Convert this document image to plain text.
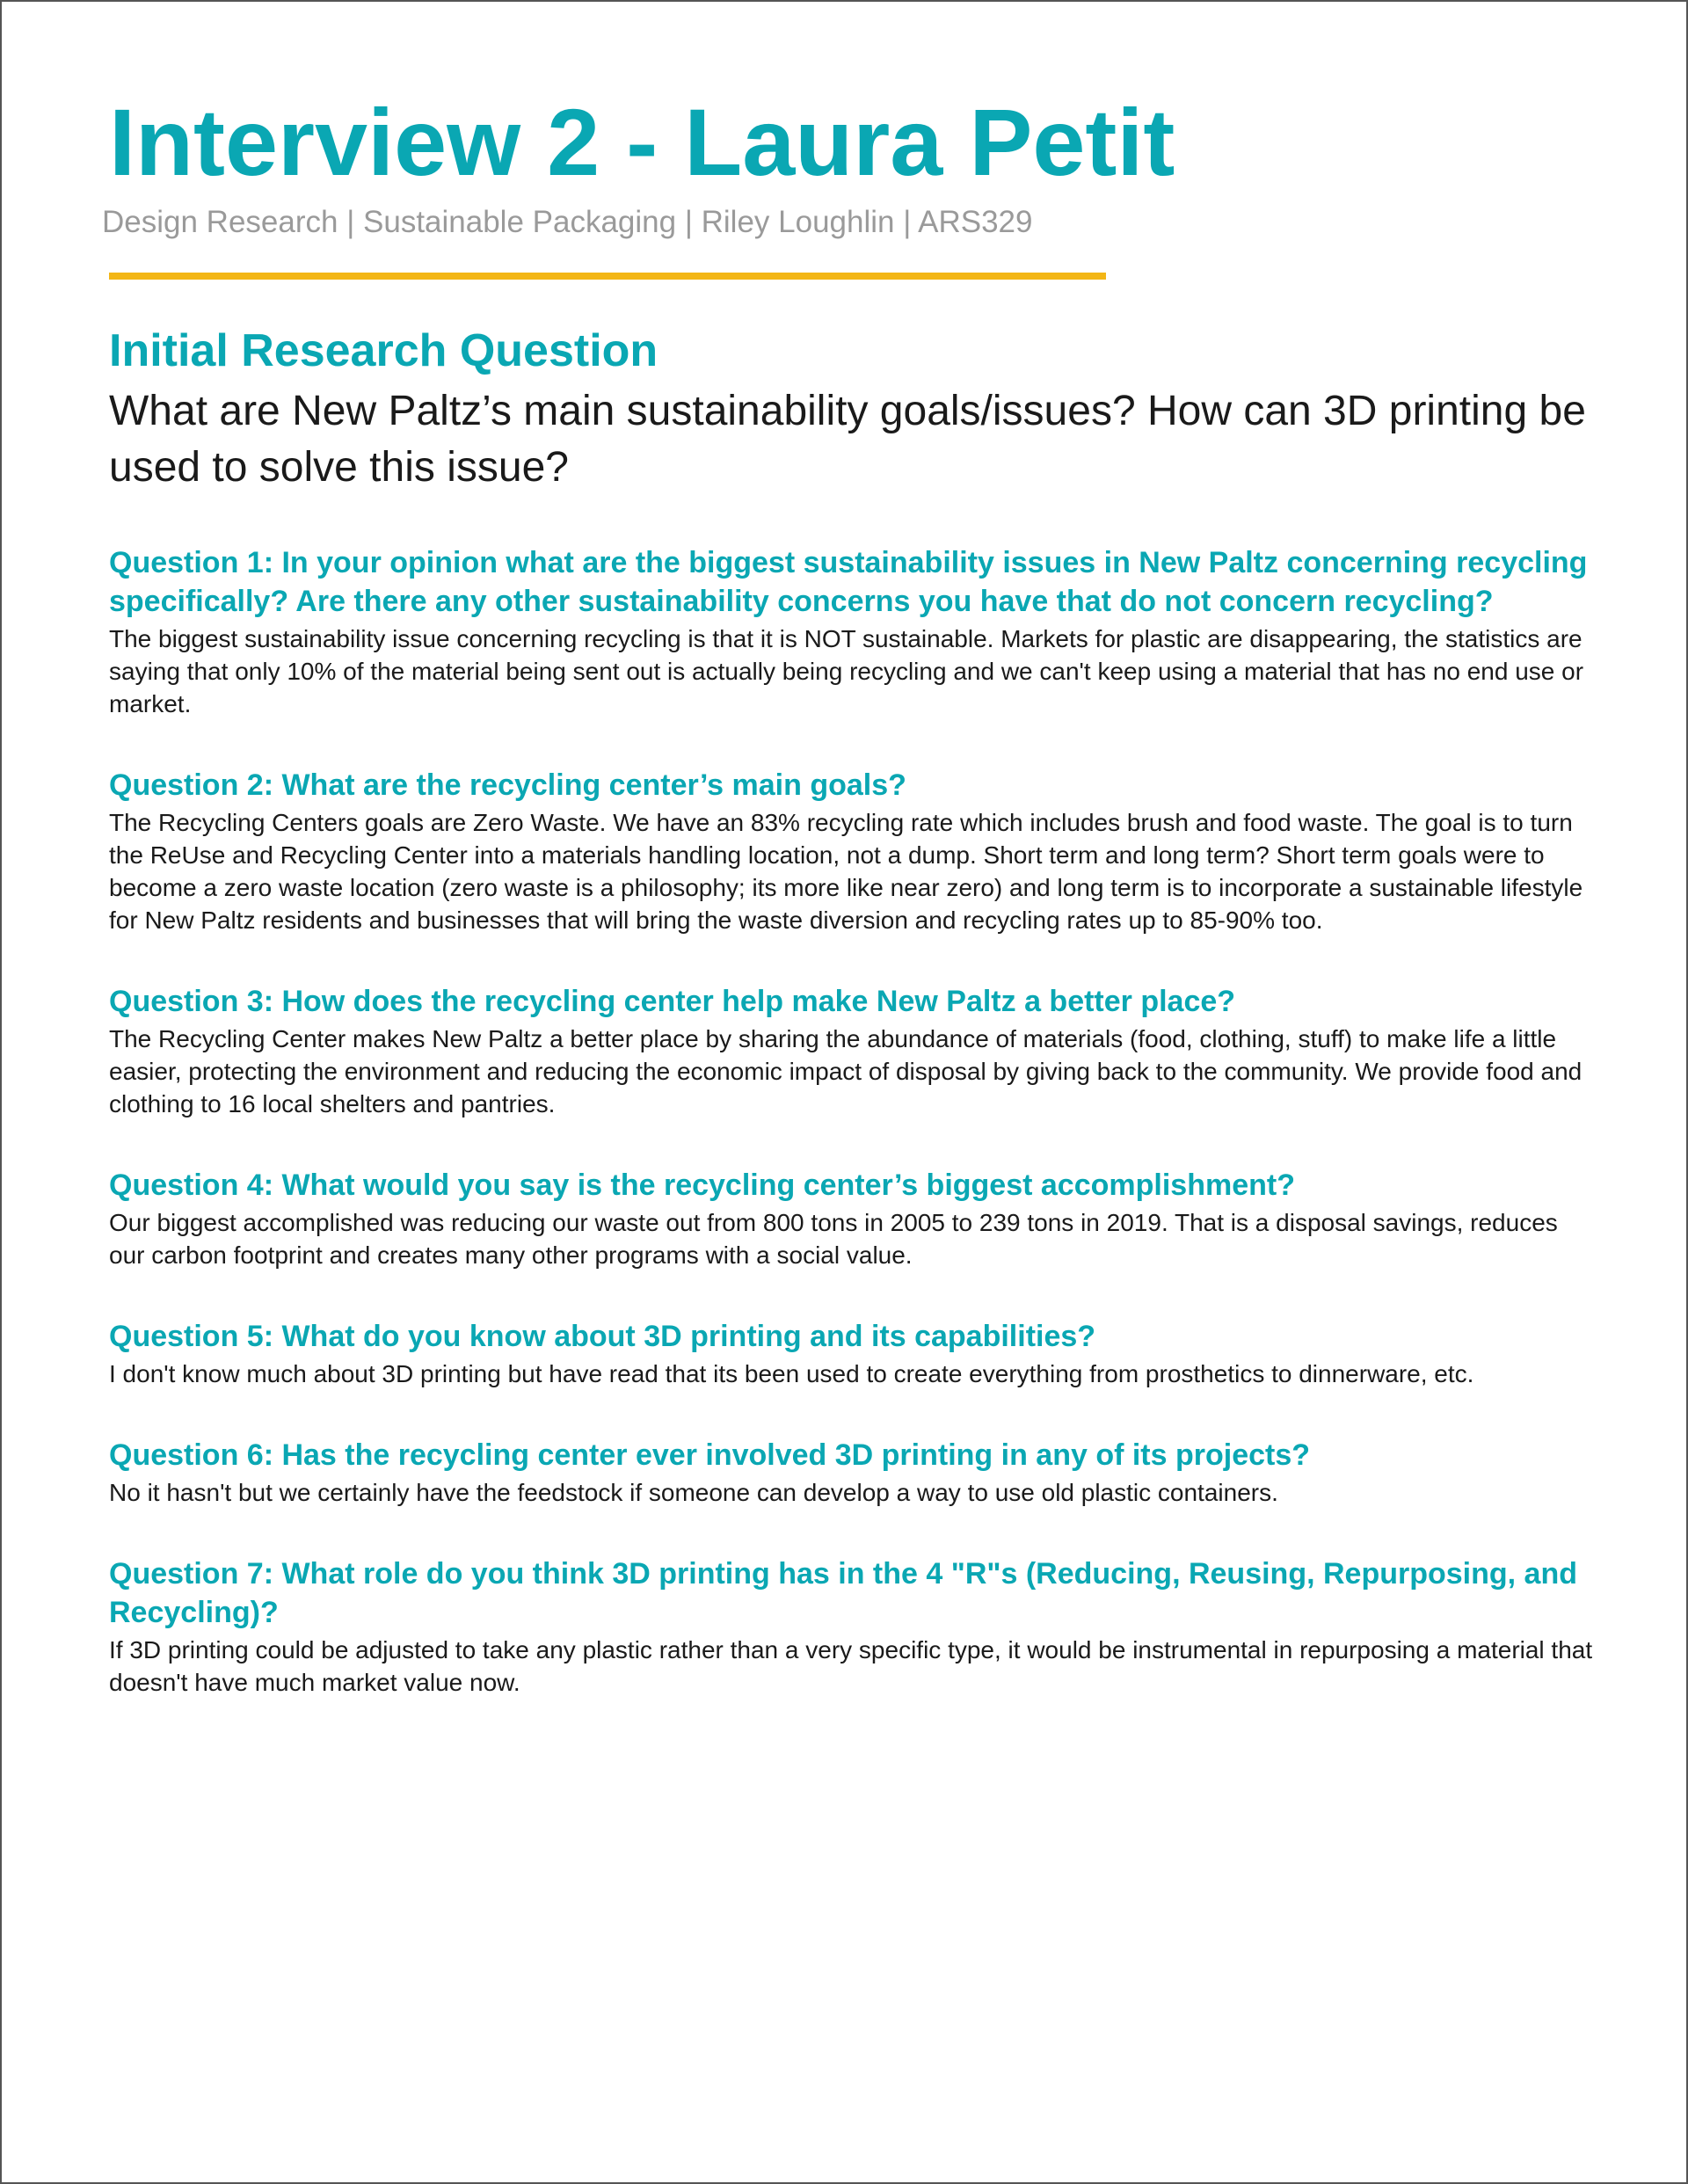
Interview 2 - Laura Petit
Design Research | Sustainable Packaging | Riley Loughlin | ARS329
Initial Research Question

What are New Paltz’s main sustainability goals/issues? How can 3D printing be used to solve this issue?

Question 1: In your opinion what are the biggest sustainability issues in New Paltz concerning recycling specifically? Are there any other sustainability concerns you have that do not concern recycling?

The biggest sustainability issue concerning recycling is that it is NOT sustainable. Markets for plastic are disappearing, the statistics are saying that only 10% of the material being sent out is actually being recycling and we can't keep using a material that has no end use or market.

Question 2: What are the recycling center’s main goals?

The Recycling Centers goals are Zero Waste. We have an 83% recycling rate which includes brush and food waste. The goal is to turn the ReUse and Recycling Center into a materials handling location, not a dump. Short term and long term? Short term goals were to become a zero waste location (zero waste is a philosophy; its more like near zero) and long term is to incorporate a sustainable lifestyle for New Paltz residents and businesses that will bring the waste diversion and recycling rates up to 85-90% too.

Question 3: How does the recycling center help make New Paltz a better place?

The Recycling Center makes New Paltz a better place by sharing the abundance of materials (food, clothing, stuff) to make life a little easier, protecting the environment and reducing the economic impact of disposal by giving back to the community. We provide food and clothing to 16 local shelters and pantries.

Question 4: What would you say is the recycling center’s biggest accomplishment?

Our biggest accomplished was reducing our waste out from 800 tons in 2005 to 239 tons in 2019. That is a disposal savings, reduces our carbon footprint and creates many other programs with a social value.

Question 5: What do you know about 3D printing and its capabilities?

I don't know much about 3D printing but have read that its been used to create everything from prosthetics to dinnerware, etc.

Question 6: Has the recycling center ever involved 3D printing in any of its projects?

No it hasn't but we certainly have the feedstock if someone can develop a way to use old plastic containers.

Question 7: What role do you think 3D printing has in the 4 "R"s (Reducing, Reusing, Repurposing, and Recycling)?

If 3D printing could be adjusted to take any plastic rather than a very specific type, it would be instrumental in repurposing a material that doesn't have much market value now.
